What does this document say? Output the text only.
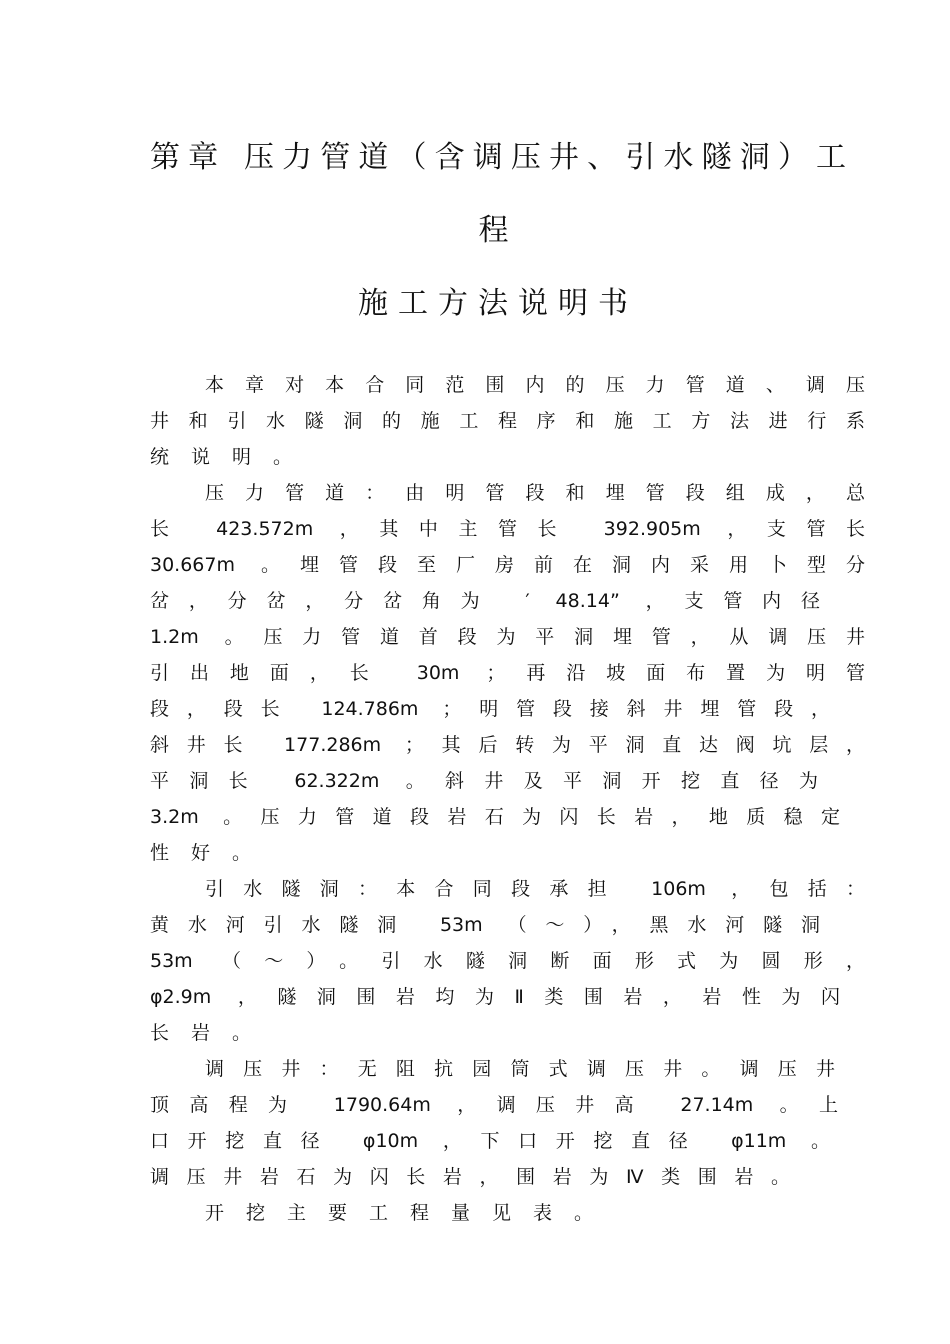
第章 压力管道（含调压井、引水隧洞）工
程
施工方法说明书
本章对本合同范围内的压力管道、调压
井和引水隧洞的施工程序和施工方法进行系
统说明。
压力管道：由明管段和埋管段组成，总
长 423.572m ，其中主管长 392.905m ，支管长
30.667m 。埋管段至厂房前在洞内采用卜型分
岔，分岔，分岔角为 ′ 48.14” ，支管内径
1.2m 。压力管道首段为平洞埋管，从调压井
引出地面，长 30m ；再沿坡面布置为明管
段，段长 124.786m ；明管段接斜井埋管段，
斜井长 177.286m ；其后转为平洞直达阀坑层，
平洞长 62.322m 。斜井及平洞开挖直径为
3.2m 。压力管道段岩石为闪长岩，地质稳定
性好。
引水隧洞：本合同段承担 106m ，包括：
黄水河引水隧洞 53m （～），黑水河隧洞
53m （～）。引水隧洞断面形式为圆形，
φ2.9m ，隧洞围岩均为Ⅱ类围岩，岩性为闪
长岩。
调压井：无阻抗园筒式调压井。调压井
顶高程为 1790.64m ，调压井高 27.14m 。上
口开挖直径 φ10m ，下口开挖直径 φ11m 。
调压井岩石为闪长岩，围岩为Ⅳ类围岩。
开挖主要工程量见表。
